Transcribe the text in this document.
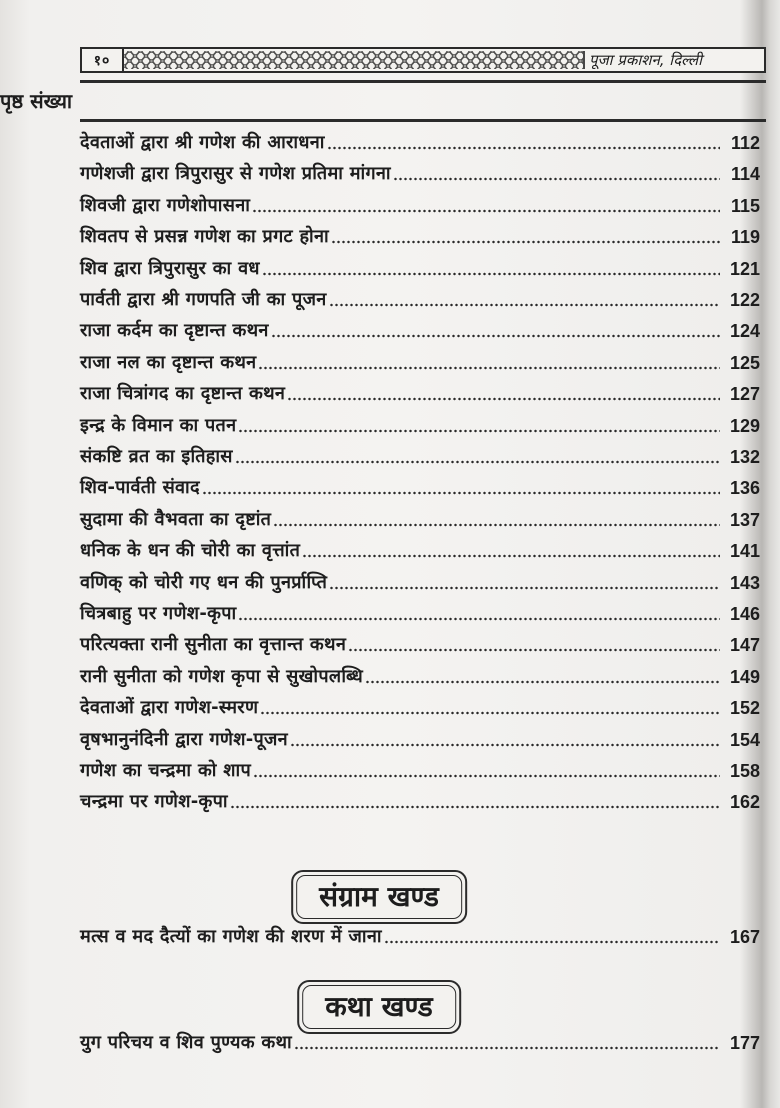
१०	पूजा प्रकाशन, दिल्ली
पृष्ठ संख्या
देवताओं द्वारा श्री गणेश की आराधना	112
गणेशजी द्वारा त्रिपुरासुर से गणेश प्रतिमा मांगना	114
शिवजी द्वारा गणेशोपासना	115
शिवतप से प्रसन्न गणेश का प्रगट होना	119
शिव द्वारा त्रिपुरासुर का वध	121
पार्वती द्वारा श्री गणपति जी का पूजन	122
राजा कर्दम का दृष्टान्त कथन	124
राजा नल का दृष्टान्त कथन	125
राजा चित्रांगद का दृष्टान्त कथन	127
इन्द्र के विमान का पतन	129
संकष्टि व्रत का इतिहास	132
शिव-पार्वती संवाद	136
सुदामा की वैभवता का दृष्टांत	137
धनिक के धन की चोरी का वृत्तांत	141
वणिक् को चोरी गए धन की पुनर्प्राप्ति	143
चित्रबाहु पर गणेश-कृपा	146
परित्यक्ता रानी सुनीता का वृत्तान्त कथन	147
रानी सुनीता को गणेश कृपा से सुखोपलब्धि	149
देवताओं द्वारा गणेश-स्मरण	152
वृषभानुनंदिनी द्वारा गणेश-पूजन	154
गणेश का चन्द्रमा को शाप	158
चन्द्रमा पर गणेश-कृपा	162
मत्स व मद दैत्यों का गणेश की शरण में जाना	167
युग परिचय व शिव पुण्यक कथा	177
संग्राम खण्ड
कथा खण्ड
